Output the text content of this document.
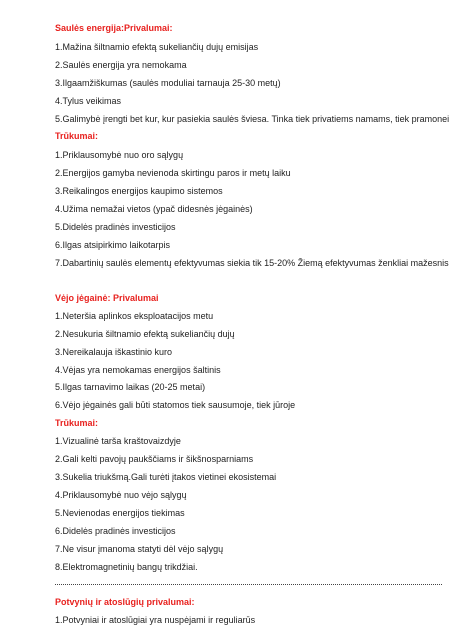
Saulės energija:Privalumai:
1.Mažina šiltnamio efektą sukeliančių dujų emisijas
2.Saulės energija yra nemokama
3.Ilgaamžiškumas (saulės moduliai tarnauja 25-30 metų)
4.Tylus veikimas
5.Galimybė įrengti bet kur, kur pasiekia saulės šviesa. Tinka tiek privatiems namams, tiek pramonei
Trūkumai:
1.Priklausomybė nuo oro sąlygų
2.Energijos gamyba nevienoda skirtingu paros ir metų laiku
3.Reikalingos energijos kaupimo sistemos
4.Užima nemažai vietos (ypač didesnės jėgainės)
5.Didelės pradinės investicijos
6.Ilgas atsipirkimo laikotarpis
7.Dabartinių saulės elementų efektyvumas siekia tik 15-20% Žiemą efektyvumas ženkliai mažesnis
Vėjo jėgainė: Privalumai
1.Neteršia aplinkos eksploatacijos metu
2.Nesukuria šiltnamio efektą sukeliančių dujų
3.Nereikalauja iškastinio kuro
4.Vėjas yra nemokamas energijos šaltinis
5.Ilgas tarnavimo laikas (20-25 metai)
6.Vėjo jėgainės gali būti statomos tiek sausumoje, tiek jūroje
Trūkumai:
1.Vizualinė tarša kraštovaizdyje
2.Gali kelti pavojų paukščiams ir šikšnosparniams
3.Sukelia triukšmą.Gali turėti įtakos vietinei ekosistemai
4.Priklausomybė nuo vėjo sąlygų
5.Nevienodas energijos tiekimas
6.Didelės pradinės investicijos
7.Ne visur įmanoma statyti dėl vėjo sąlygų
8.Elektromagnetinių bangų trikdžiai.
Potvynių ir atoslūgių privalumai:
1.Potvyniai ir atoslūgiai yra nuspėjami ir reguliarūs
